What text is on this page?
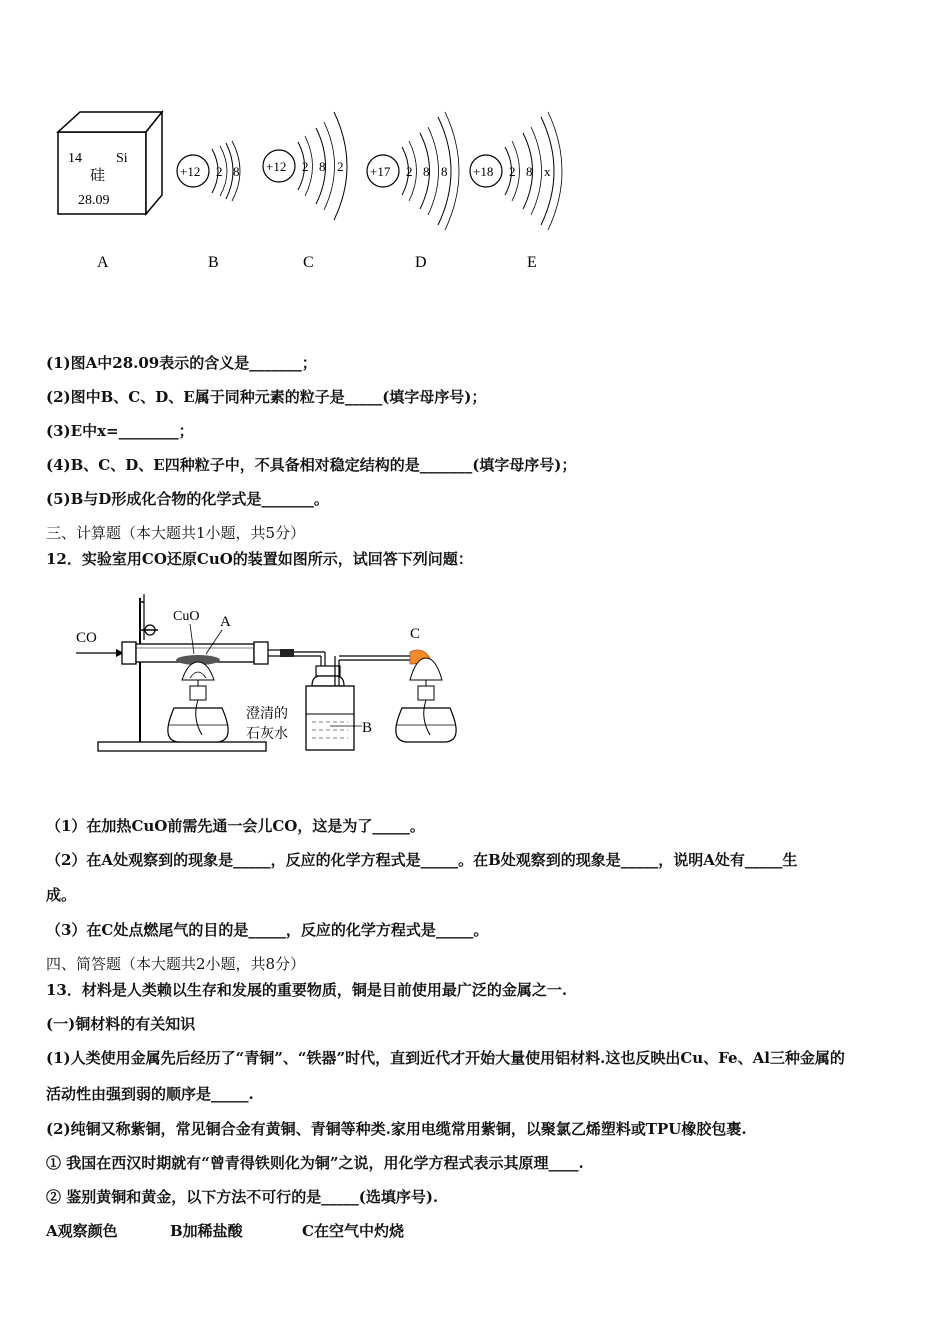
14 Si
硅
28.09
+12 2 8 +12 2 8 2 +17 2 8 8 +18 2 8 x
A	B	C	D	E
(1)图A中28.09表示的含义是_______；
(2)图中B、C、D、E属于同种元素的粒子是_____(填字母序号)；
(3)E中x=________；
(4)B、C、D、E四种粒子中，不具备相对稳定结构的是_______(填字母序号)；
(5)B与D形成化合物的化学式是_______。
三、计算题（本大题共1小题，共5分）
12．实验室用CO还原CuO的装置如图所示，试回答下列问题：
CO
CuO A
B
澄清的
石灰水
C
（1）在加热CuO前需先通一会儿CO，这是为了_____。
（2）在A处观察到的现象是_____，反应的化学方程式是_____。在B处观察到的现象是_____，说明A处有_____生
成。
（3）在C处点燃尾气的目的是_____，反应的化学方程式是_____。
四、简答题（本大题共2小题，共8分）
13．材料是人类赖以生存和发展的重要物质，铜是目前使用最广泛的金属之一.
(一)铜材料的有关知识
(1)人类使用金属先后经历了“青铜”、“铁器”时代，直到近代才开始大量使用铝材料.这也反映出Cu、Fe、Al三种金属的
活动性由强到弱的顺序是_____.
(2)纯铜又称紫铜，常见铜合金有黄铜、青铜等种类.家用电缆常用紫铜，以聚氯乙烯塑料或TPU橡胶包裹.
① 我国在西汉时期就有“曾青得铁则化为铜”之说，用化学方程式表示其原理____.
② 鉴别黄铜和黄金，以下方法不可行的是_____(选填序号).
A观察颜色	B加稀盐酸	C在空气中灼烧
